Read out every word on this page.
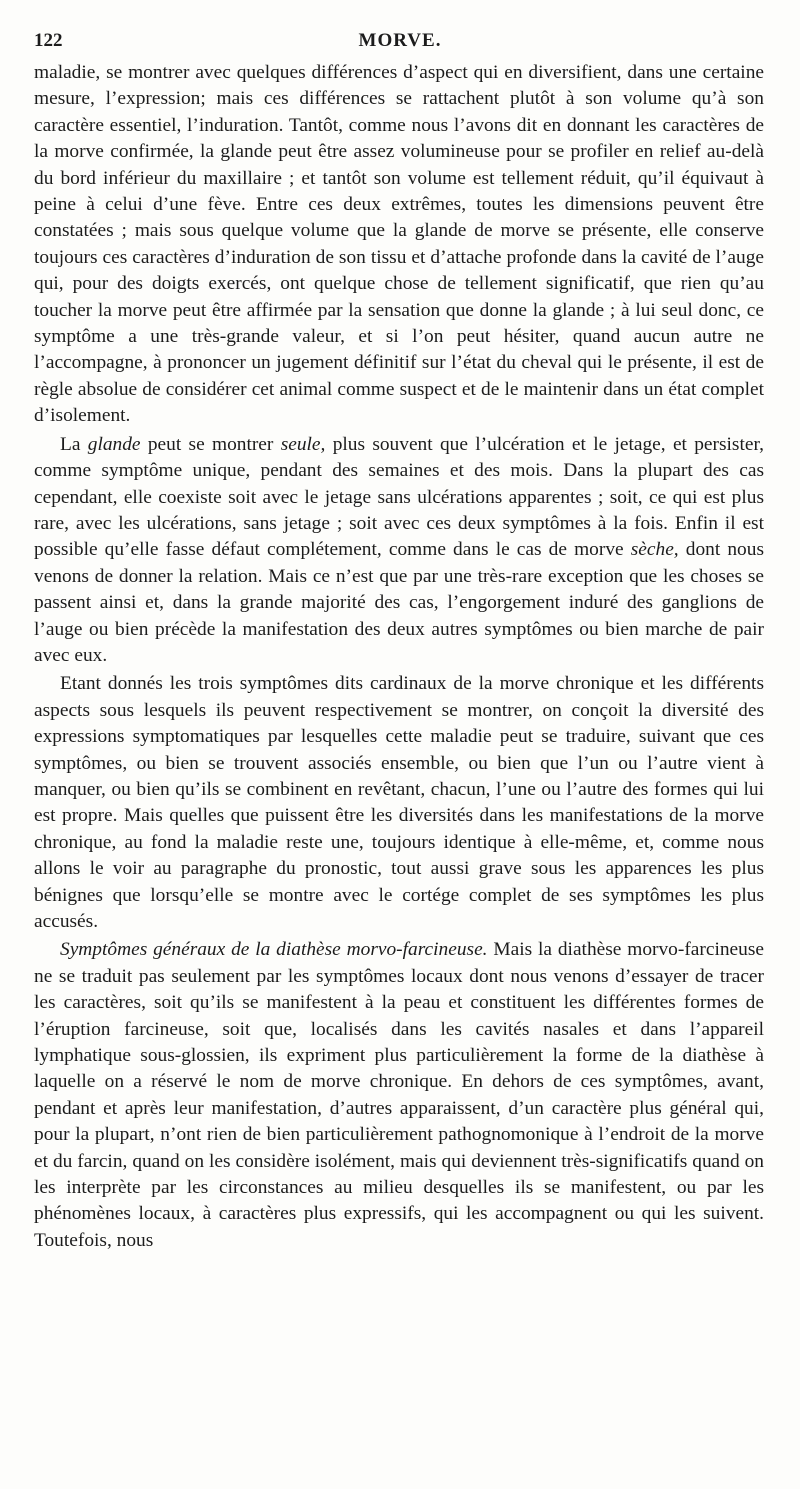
122	MORVE.

maladie, se montrer avec quelques différences d’aspect qui en diversifient, dans une certaine mesure, l’expression; mais ces différences se rattachent plutôt à son volume qu’à son caractère essentiel, l’induration. Tantôt, comme nous l’avons dit en donnant les caractères de la morve confirmée, la glande peut être assez volumineuse pour se profiler en relief au-delà du bord inférieur du maxillaire ; et tantôt son volume est tellement réduit, qu’il équivaut à peine à celui d’une fève. Entre ces deux extrêmes, toutes les dimensions peuvent être constatées ; mais sous quelque volume que la glande de morve se présente, elle conserve toujours ces caractères d’induration de son tissu et d’attache profonde dans la cavité de l’auge qui, pour des doigts exercés, ont quelque chose de tellement significatif, que rien qu’au toucher la morve peut être affirmée par la sensation que donne la glande ; à lui seul donc, ce symptôme a une très-grande valeur, et si l’on peut hésiter, quand aucun autre ne l’accompagne, à prononcer un jugement définitif sur l’état du cheval qui le présente, il est de règle absolue de considérer cet animal comme suspect et de le maintenir dans un état complet d’isolement.

La glande peut se montrer seule, plus souvent que l’ulcération et le jetage, et persister, comme symptôme unique, pendant des semaines et des mois. Dans la plupart des cas cependant, elle coexiste soit avec le jetage sans ulcérations apparentes ; soit, ce qui est plus rare, avec les ulcérations, sans jetage ; soit avec ces deux symptômes à la fois. Enfin il est possible qu’elle fasse défaut complétement, comme dans le cas de morve sèche, dont nous venons de donner la relation. Mais ce n’est que par une très-rare exception que les choses se passent ainsi et, dans la grande majorité des cas, l’engorgement induré des ganglions de l’auge ou bien précède la manifestation des deux autres symptômes ou bien marche de pair avec eux.

Etant donnés les trois symptômes dits cardinaux de la morve chronique et les différents aspects sous lesquels ils peuvent respectivement se montrer, on conçoit la diversité des expressions symptomatiques par lesquelles cette maladie peut se traduire, suivant que ces symptômes, ou bien se trouvent associés ensemble, ou bien que l’un ou l’autre vient à manquer, ou bien qu’ils se combinent en revêtant, chacun, l’une ou l’autre des formes qui lui est propre. Mais quelles que puissent être les diversités dans les manifestations de la morve chronique, au fond la maladie reste une, toujours identique à elle-même, et, comme nous allons le voir au paragraphe du pronostic, tout aussi grave sous les apparences les plus bénignes que lorsqu’elle se montre avec le cortége complet de ses symptômes les plus accusés.

Symptômes généraux de la diathèse morvo-farcineuse. Mais la diathèse morvo-farcineuse ne se traduit pas seulement par les symptômes locaux dont nous venons d’essayer de tracer les caractères, soit qu’ils se manifestent à la peau et constituent les différentes formes de l’éruption farcineuse, soit que, localisés dans les cavités nasales et dans l’appareil lymphatique sous-glossien, ils expriment plus particulièrement la forme de la diathèse à laquelle on a réservé le nom de morve chronique. En dehors de ces symptômes, avant, pendant et après leur manifestation, d’autres apparaissent, d’un caractère plus général qui, pour la plupart, n’ont rien de bien particulièrement pathognomonique à l’endroit de la morve et du farcin, quand on les considère isolément, mais qui deviennent très-significatifs quand on les interprète par les circonstances au milieu desquelles ils se manifestent, ou par les phénomènes locaux, à caractères plus expressifs, qui les accompagnent ou qui les suivent. Toutefois, nous
